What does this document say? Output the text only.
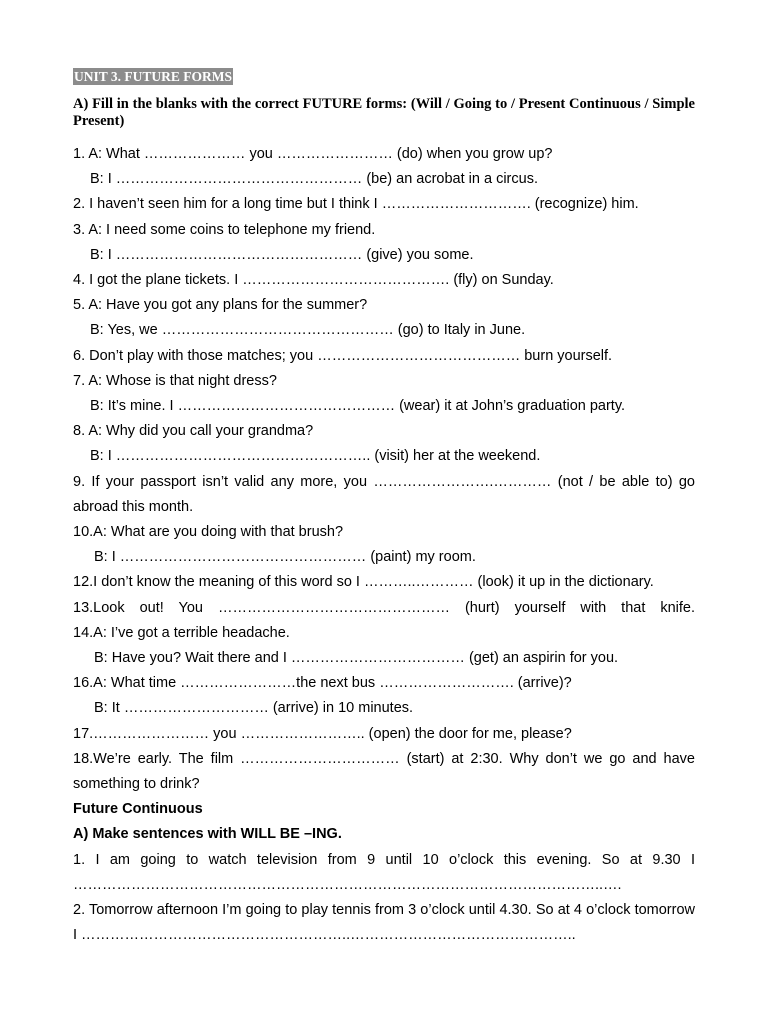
UNIT 3. FUTURE FORMS
A) Fill in the blanks with the correct FUTURE forms: (Will / Going to / Present Continuous / Simple Present)
1. A: What ………………… you …………………… (do) when you grow up?
B: I …………………………………………… (be) an acrobat in a circus.
2. I haven’t seen him for a long time but I think I …………………………. (recognize) him.
3. A: I need some coins to telephone my friend.
B: I …………………………………………… (give) you some.
4. I got the plane tickets. I ……………………………………. (fly) on Sunday.
5. A: Have you got any plans for the summer?
B: Yes, we ………………………………………… (go) to Italy in June.
6. Don’t play with those matches; you …………………………………… burn yourself.
7. A: Whose is that night dress?
B: It’s mine. I ……………………………………… (wear) it at John’s graduation party.
8. A: Why did you call your grandma?
B: I …………………………………………….. (visit) her at the weekend.
9. If your passport isn’t valid any more, you …………………….………… (not / be able to) go abroad this month.
10.A: What are you doing with that brush?
B: I …………………………………………… (paint) my room.
12.I don’t know the meaning of this word so I ………..………… (look) it up in the dictionary.
13.Look out! You ………………………………………… (hurt) yourself with that knife.
14.A: I’ve got a terrible headache.
B: Have you? Wait there and I ……………………………… (get) an aspirin for you.
16.A: What time ……………………the next bus ………………………. (arrive)?
B: It ………………………… (arrive) in 10 minutes.
17.…………………… you …………………….. (open) the door for me, please?
18.We’re early. The film …………………………… (start) at 2:30. Why don’t we go and have something to drink?
Future Continuous
A) Make sentences with WILL BE –ING.
1. I am going to watch television from 9 until 10 o’clock this evening. So at 9.30 I ………………………………………………………………………………………………..….
2. Tomorrow afternoon I’m going to play tennis from 3 o’clock until 4.30. So at 4 o’clock tomorrow I ………………………………………………..………………………………………..
